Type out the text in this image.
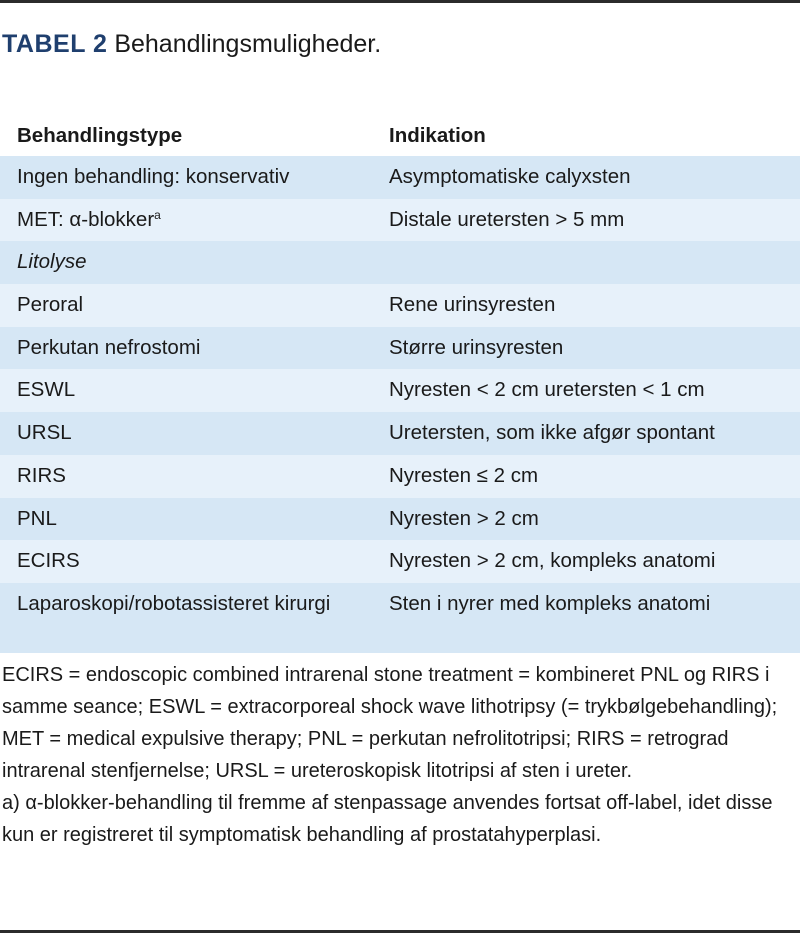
TABEL 2 Behandlingsmuligheder.
Behandlingstype	Indikation
Ingen behandling: konservativ	Asymptomatiske calyxsten
MET: α-blokker$^a$	Distale uretersten > 5 mm
Litolyse
Peroral	Rene urinsyresten
Perkutan nefrostomi	Større urinsyresten
ESWL	Nyresten < 2 cm uretersten < 1 cm
URSL	Uretersten, som ikke afgør spontant
RIRS	Nyresten ≤ 2 cm
PNL	Nyresten > 2 cm
ECIRS	Nyresten > 2 cm, kompleks anatomi
Laparoskopi/robotassisteret kirurgi	Sten i nyrer med kompleks anatomi

ECIRS = endoscopic combined intrarenal stone treatment = kombineret PNL og RIRS i samme seance; ESWL = extracorporeal shock wave lithotripsy (= trykbølgebehandling); MET = medical expulsive therapy; PNL = perkutan nefrolitotripsi; RIRS = retrograd intrarenal stenfjernelse; URSL = ureteroskopisk litotripsi af sten i ureter.

a) α-blokker-behandling til fremme af stenpassage anvendes fortsat off-label, idet disse kun er registreret til symptomatisk behandling af prostatahyperplasi.
